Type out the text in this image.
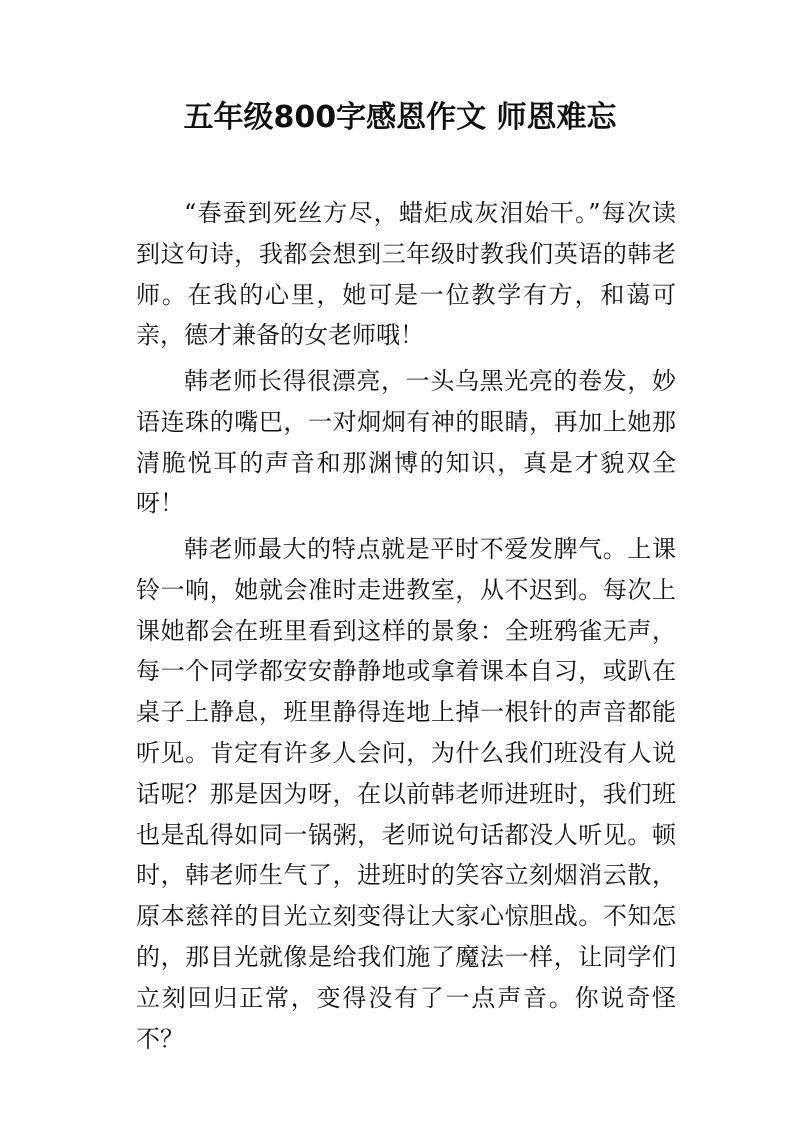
五年级800字感恩作文 师恩难忘

“春蚕到死丝方尽，蜡炬成灰泪始干。”每次读到这句诗，我都会想到三年级时教我们英语的韩老师。在我的心里，她可是一位教学有方，和蔼可亲，德才兼备的女老师哦！

韩老师长得很漂亮，一头乌黑光亮的卷发，妙语连珠的嘴巴，一对炯炯有神的眼睛，再加上她那清脆悦耳的声音和那渊博的知识，真是才貌双全呀！

韩老师最大的特点就是平时不爱发脾气。上课铃一响，她就会准时走进教室，从不迟到。每次上课她都会在班里看到这样的景象：全班鸦雀无声，每一个同学都安安静静地或拿着课本自习，或趴在桌子上静息，班里静得连地上掉一根针的声音都能听见。肯定有许多人会问，为什么我们班没有人说话呢？那是因为呀，在以前韩老师进班时，我们班也是乱得如同一锅粥，老师说句话都没人听见。顿时，韩老师生气了，进班时的笑容立刻烟消云散，原本慈祥的目光立刻变得让大家心惊胆战。不知怎的，那目光就像是给我们施了魔法一样，让同学们立刻回归正常，变得没有了一点声音。你说奇怪不？
